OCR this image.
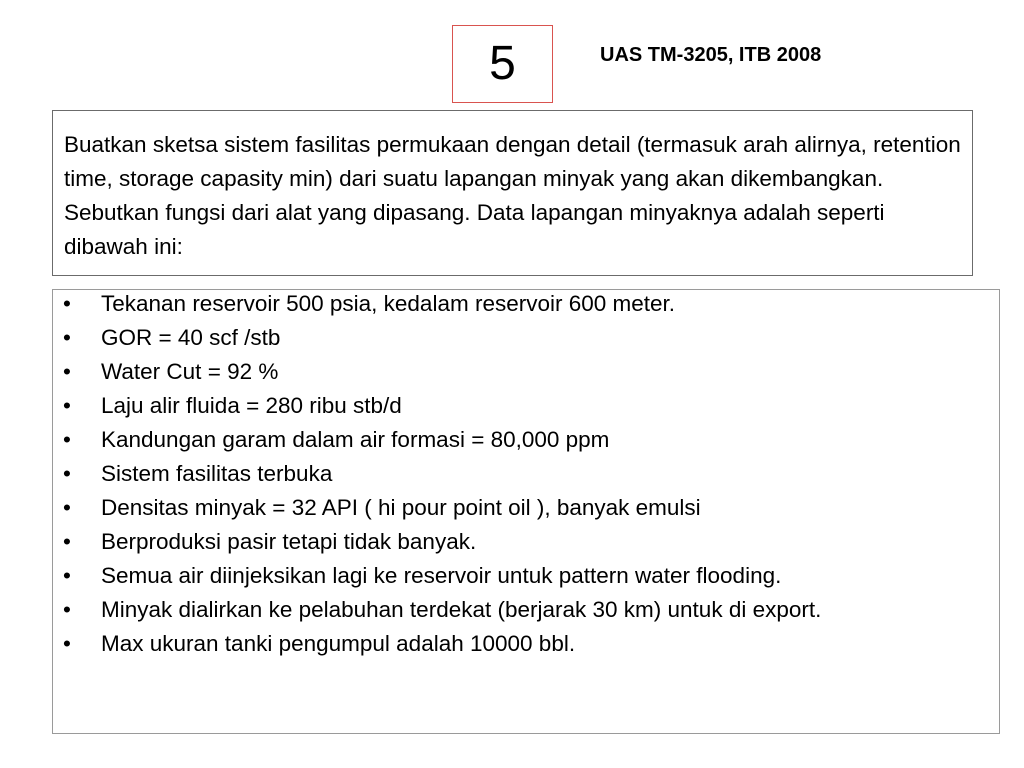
5	UAS TM-3205, ITB 2008

Buatkan sketsa sistem fasilitas permukaan dengan detail (termasuk arah alirnya, retention time, storage capasity min) dari suatu lapangan minyak yang akan dikembangkan. Sebutkan fungsi dari alat yang dipasang. Data lapangan minyaknya adalah seperti dibawah ini:

• Tekanan reservoir 500 psia, kedalam reservoir 600 meter.
• GOR = 40 scf /stb
• Water Cut = 92 %
• Laju alir fluida = 280 ribu stb/d
• Kandungan garam dalam air formasi = 80,000 ppm
• Sistem fasilitas terbuka
• Densitas minyak = 32 API ( hi pour point oil ), banyak emulsi
• Berproduksi pasir tetapi tidak banyak.
• Semua air diinjeksikan lagi ke reservoir untuk pattern water flooding.
• Minyak dialirkan ke pelabuhan terdekat (berjarak 30 km) untuk di export.
• Max ukuran tanki pengumpul adalah 10000 bbl.
